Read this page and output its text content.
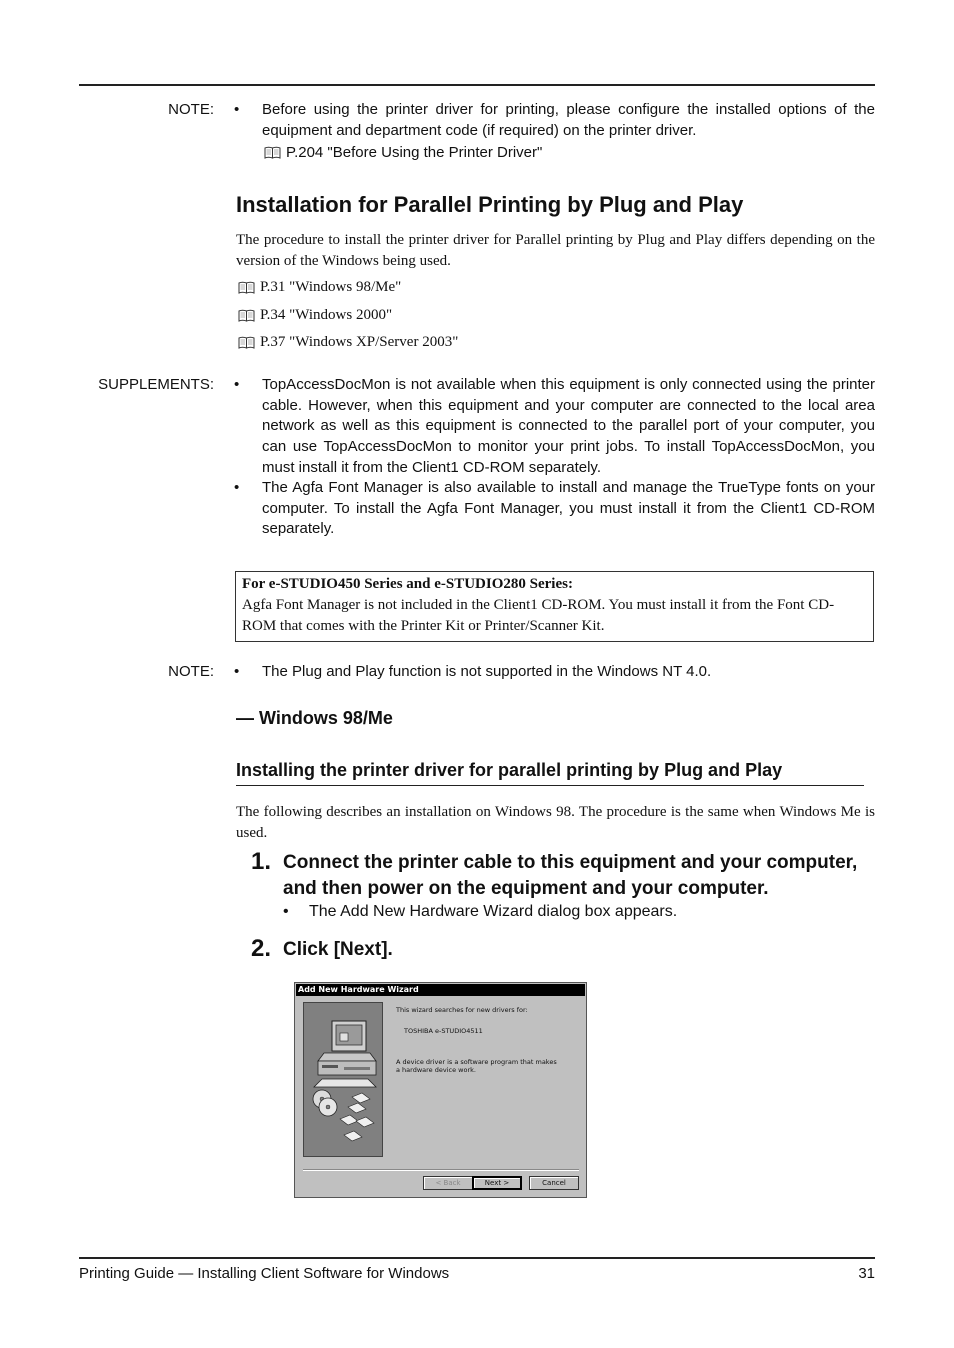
NOTE: • Before using the printer driver for printing, please configure the installed options of the equipment and department code (if required) on the printer driver.

P.204 "Before Using the Printer Driver"
Installation for Parallel Printing by Plug and Play

The procedure to install the printer driver for Parallel printing by Plug and Play differs depending on the version of the Windows being used.

P.31 "Windows 98/Me"
P.34 "Windows 2000"
P.37 "Windows XP/Server 2003"
SUPPLEMENTS: • TopAccessDocMon is not available when this equipment is only connected using the printer cable. However, when this equipment and your computer are connected to the local area network as well as this equipment is connected to the parallel port of your computer, you can use TopAccessDocMon to monitor your print jobs. To install TopAccessDocMon, you must install it from the Client1 CD-ROM separately.

• The Agfa Font Manager is also available to install and manage the TrueType fonts on your computer. To install the Agfa Font Manager, you must install it from the Client1 CD-ROM separately.

For e-STUDIO450 Series and e-STUDIO280 Series:
Agfa Font Manager is not included in the Client1 CD-ROM. You must install it from the Font CD-ROM that comes with the Printer Kit or Printer/Scanner Kit.
NOTE: • The Plug and Play function is not supported in the Windows NT 4.0.

— Windows 98/Me
Installing the printer driver for parallel printing by Plug and Play

The following describes an installation on Windows 98. The procedure is the same when Windows Me is used.

1. Connect the printer cable to this equipment and your computer, and then power on the equipment and your computer.

• The Add New Hardware Wizard dialog box appears.
2. Click [Next].

Add New Hardware Wizard
This wizard searches for new drivers for:
TOSHIBA e-STUDIO4511
A device driver is a software program that makes a hardware device work.
< Back	Next >	Cancel
Printing Guide — Installing Client Software for Windows	31
